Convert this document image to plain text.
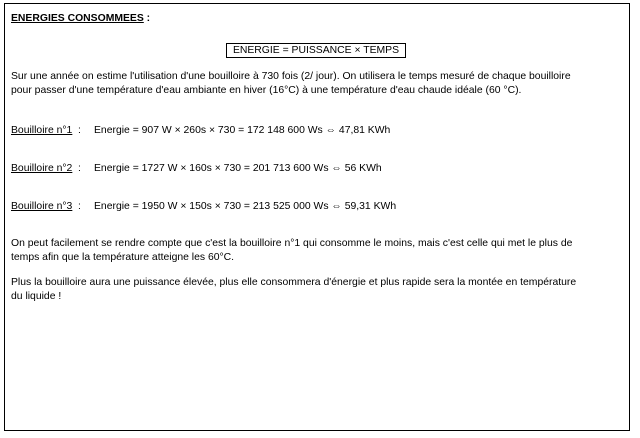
ENERGIES CONSOMMEES :
ENERGIE = PUISSANCE × TEMPS
Sur une année on estime l'utilisation d'une bouilloire à 730 fois (2/ jour). On utilisera le temps mesuré de chaque bouilloire
pour passer d'une température d'eau ambiante en hiver (16°C) à une température d'eau chaude idéale (60 °C).
Bouilloire n°1 : Energie = 907 W × 260s × 730 = 172 148 600 Ws ⇔ 47,81 KWh
Bouilloire n°2 : Energie = 1727 W × 160s × 730 = 201 713 600 Ws ⇔ 56 KWh
Bouilloire n°3 : Energie = 1950 W × 150s × 730 = 213 525 000 Ws ⇔ 59,31 KWh
On peut facilement se rendre compte que c'est la bouilloire n°1 qui consomme le moins, mais c'est celle qui met le plus de
temps afin que la température atteigne les 60°C.
Plus la bouilloire aura une puissance élevée, plus elle consommera d'énergie et plus rapide sera la montée en température
du liquide !
